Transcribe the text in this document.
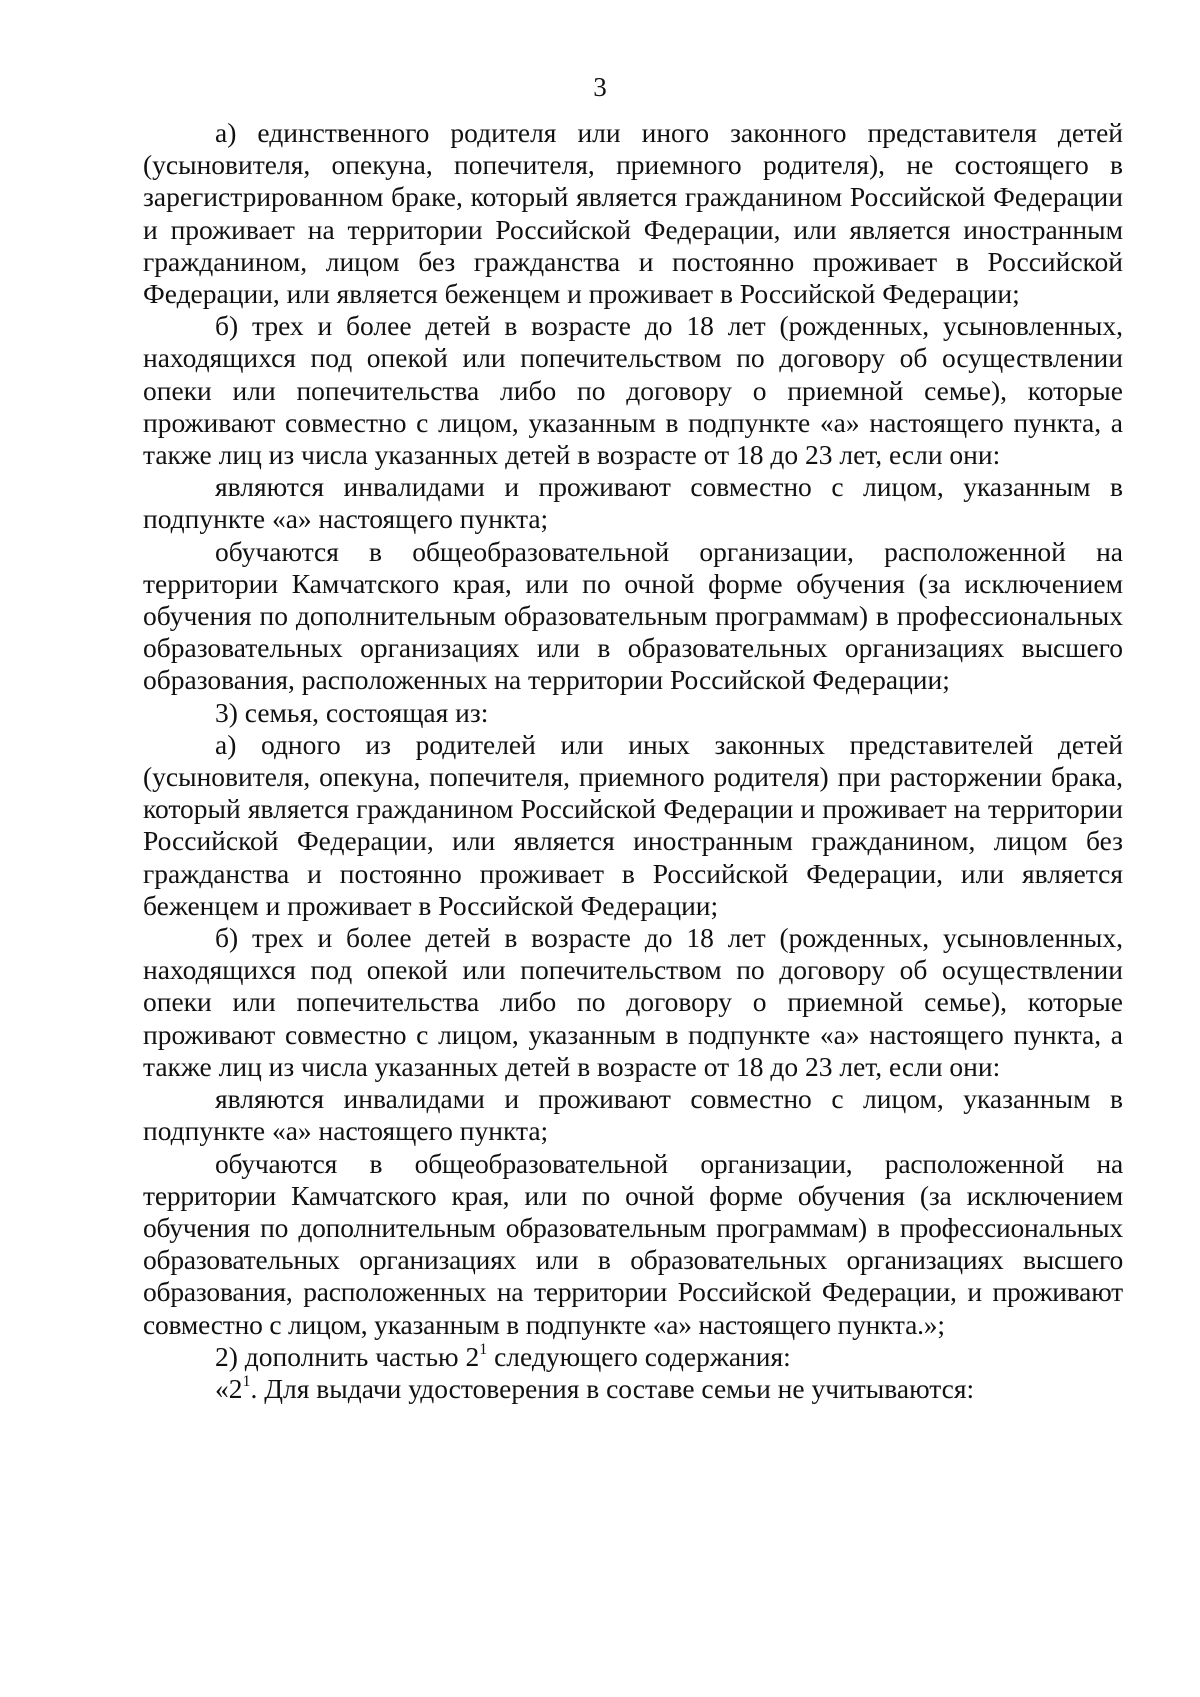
3

а) единственного родителя или иного законного представителя детей (усыновителя, опекуна, попечителя, приемного родителя), не состоящего в зарегистрированном браке, который является гражданином Российской Федерации и проживает на территории Российской Федерации, или является иностранным гражданином, лицом без гражданства и постоянно проживает в Российской Федерации, или является беженцем и проживает в Российской Федерации;

б) трех и более детей в возрасте до 18 лет (рожденных, усыновленных, находящихся под опекой или попечительством по договору об осуществлении опеки или попечительства либо по договору о приемной семье), которые проживают совместно с лицом, указанным в подпункте «а» настоящего пункта, а также лиц из числа указанных детей в возрасте от 18 до 23 лет, если они:

являются инвалидами и проживают совместно с лицом, указанным в подпункте «а» настоящего пункта;

обучаются в общеобразовательной организации, расположенной на территории Камчатского края, или по очной форме обучения (за исключением обучения по дополнительным образовательным программам) в профессиональных образовательных организациях или в образовательных организациях высшего образования, расположенных на территории Российской Федерации;

3) семья, состоящая из:

а) одного из родителей или иных законных представителей детей (усыновителя, опекуна, попечителя, приемного родителя) при расторжении брака, который является гражданином Российской Федерации и проживает на территории Российской Федерации, или является иностранным гражданином, лицом без гражданства и постоянно проживает в Российской Федерации, или является беженцем и проживает в Российской Федерации;

б) трех и более детей в возрасте до 18 лет (рожденных, усыновленных, находящихся под опекой или попечительством по договору об осуществлении опеки или попечительства либо по договору о приемной семье), которые проживают совместно с лицом, указанным в подпункте «а» настоящего пункта, а также лиц из числа указанных детей в возрасте от 18 до 23 лет, если они:

являются инвалидами и проживают совместно с лицом, указанным в подпункте «а» настоящего пункта;

обучаются в общеобразовательной организации, расположенной на территории Камчатского края, или по очной форме обучения (за исключением обучения по дополнительным образовательным программам) в профессиональных образовательных организациях или в образовательных организациях высшего образования, расположенных на территории Российской Федерации, и проживают совместно с лицом, указанным в подпункте «а» настоящего пункта.»;

2) дополнить частью $2^1$ следующего содержания:

«$2^1$. Для выдачи удостоверения в составе семьи не учитываются:
